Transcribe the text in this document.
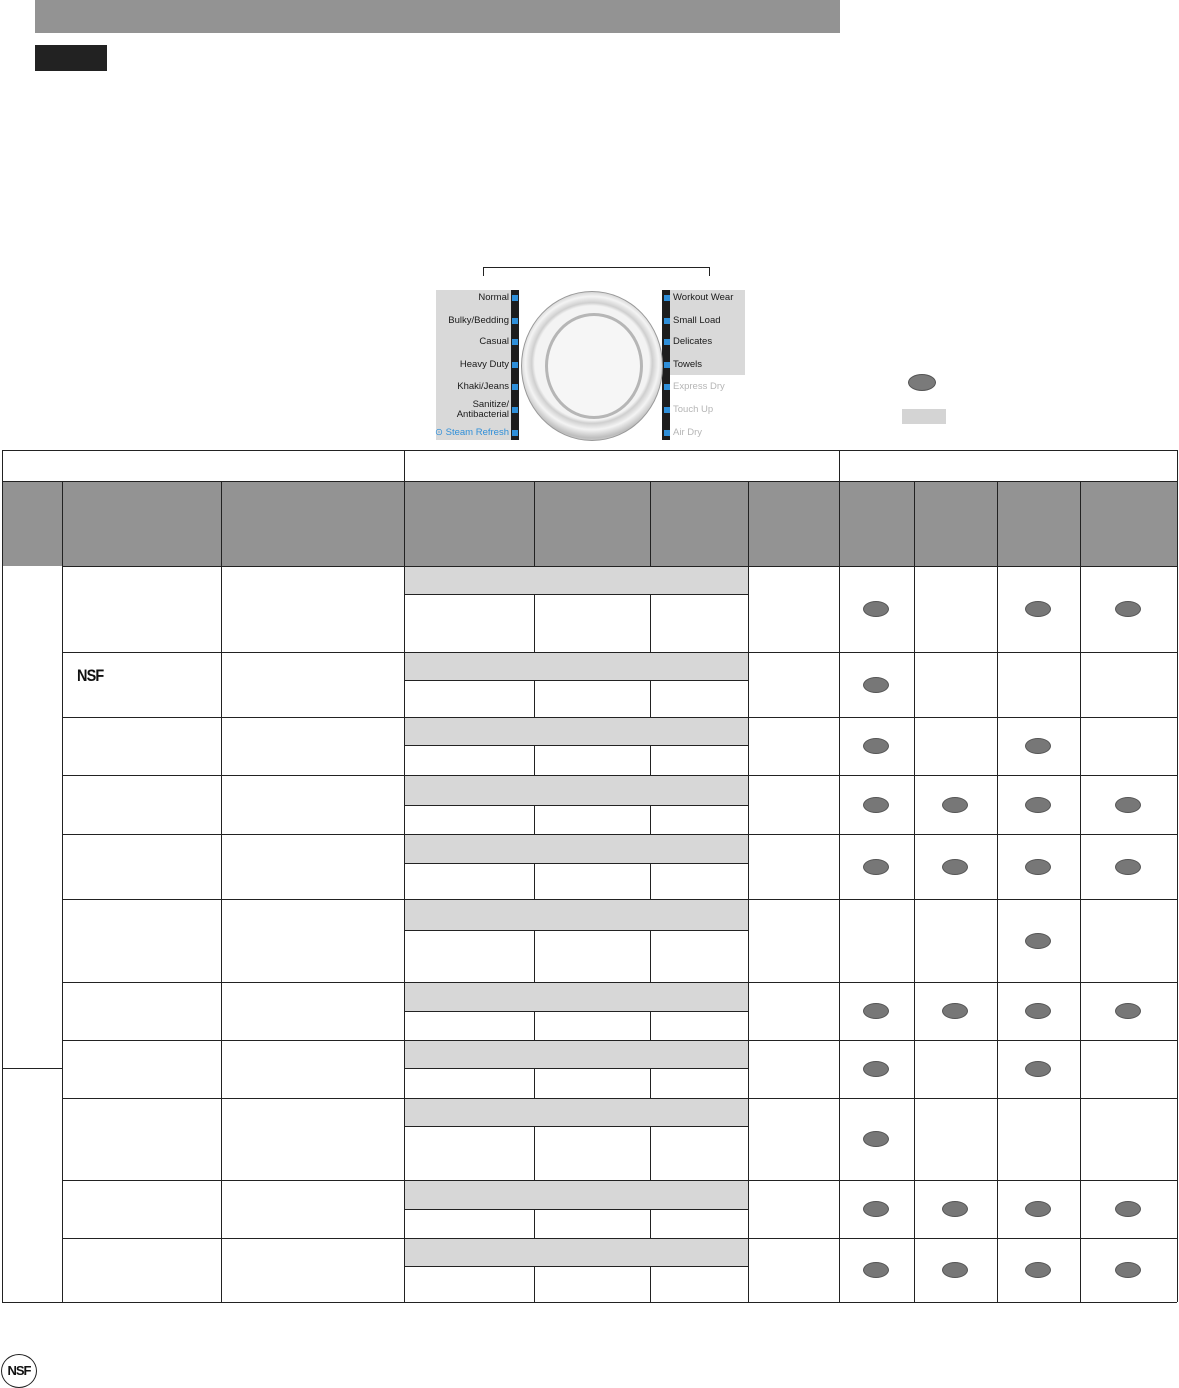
Normal
Bulky/Bedding
Casual
Heavy Duty
Khaki/Jeans
Sanitize/
Antibacterial
⊙ Steam Refresh
Workout Wear
Small Load
Delicates
Towels
Express Dry
Touch Up
Air Dry
NSF
NSF
